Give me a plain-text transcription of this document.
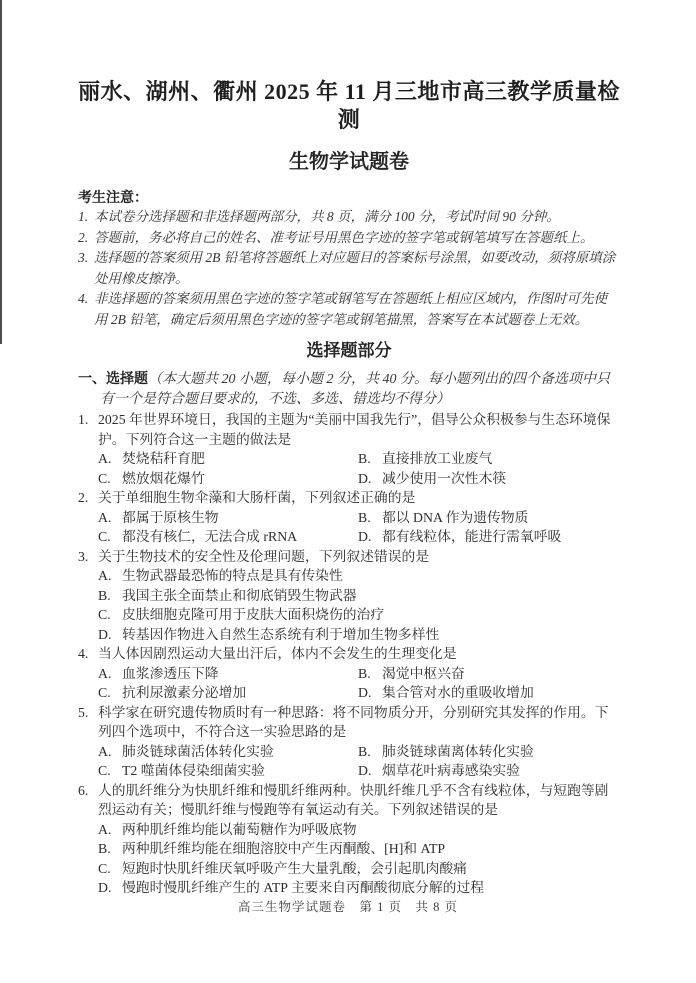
丽水、湖州、衢州 2025 年 11 月三地市高三教学质量检测
生物学试题卷
考生注意：
1. 本试卷分选择题和非选择题两部分，共 8 页，满分 100 分，考试时间 90 分钟。
2. 答题前，务必将自己的姓名、准考证号用黑色字迹的签字笔或钢笔填写在答题纸上。
3. 选择题的答案须用 2B 铅笔将答题纸上对应题目的答案标号涂黑，如要改动，须将原填涂处用橡皮擦净。
4. 非选择题的答案须用黑色字迹的签字笔或钢笔写在答题纸上相应区域内，作图时可先使用 2B 铅笔，确定后须用黑色字迹的签字笔或钢笔描黑，答案写在本试题卷上无效。
选择题部分
一、选择题（本大题共 20 小题，每小题 2 分，共 40 分。每小题列出的四个备选项中只有一个是符合题目要求的，不选、多选、错选均不得分）
1. 2025 年世界环境日，我国的主题为“美丽中国我先行”，倡导公众积极参与生态环境保护。下列符合这一主题的做法是
A. 焚烧秸秆育肥	B. 直接排放工业废气
C. 燃放烟花爆竹	D. 减少使用一次性木筷
2. 关于单细胞生物伞藻和大肠杆菌，下列叙述正确的是
A. 都属于原核生物	B. 都以 DNA 作为遗传物质
C. 都没有核仁，无法合成 rRNA	D. 都有线粒体，能进行需氧呼吸
3. 关于生物技术的安全性及伦理问题，下列叙述错误的是
A. 生物武器最恐怖的特点是具有传染性
B. 我国主张全面禁止和彻底销毁生物武器
C. 皮肤细胞克隆可用于皮肤大面积烧伤的治疗
D. 转基因作物进入自然生态系统有利于增加生物多样性
4. 当人体因剧烈运动大量出汗后，体内不会发生的生理变化是
A. 血浆渗透压下降	B. 渴觉中枢兴奋
C. 抗利尿激素分泌增加	D. 集合管对水的重吸收增加
5. 科学家在研究遗传物质时有一种思路：将不同物质分开，分别研究其发挥的作用。下列四个选项中，不符合这一实验思路的是
A. 肺炎链球菌活体转化实验	B. 肺炎链球菌离体转化实验
C. T2 噬菌体侵染细菌实验	D. 烟草花叶病毒感染实验
6. 人的肌纤维分为快肌纤维和慢肌纤维两种。快肌纤维几乎不含有线粒体，与短跑等剧烈运动有关；慢肌纤维与慢跑等有氧运动有关。下列叙述错误的是
A. 两种肌纤维均能以葡萄糖作为呼吸底物
B. 两种肌纤维均能在细胞溶胶中产生丙酮酸、[H]和 ATP
C. 短跑时快肌纤维厌氧呼吸产生大量乳酸，会引起肌肉酸痛
D. 慢跑时慢肌纤维产生的 ATP 主要来自丙酮酸彻底分解的过程
高三生物学试题卷　第 1 页　共 8 页
